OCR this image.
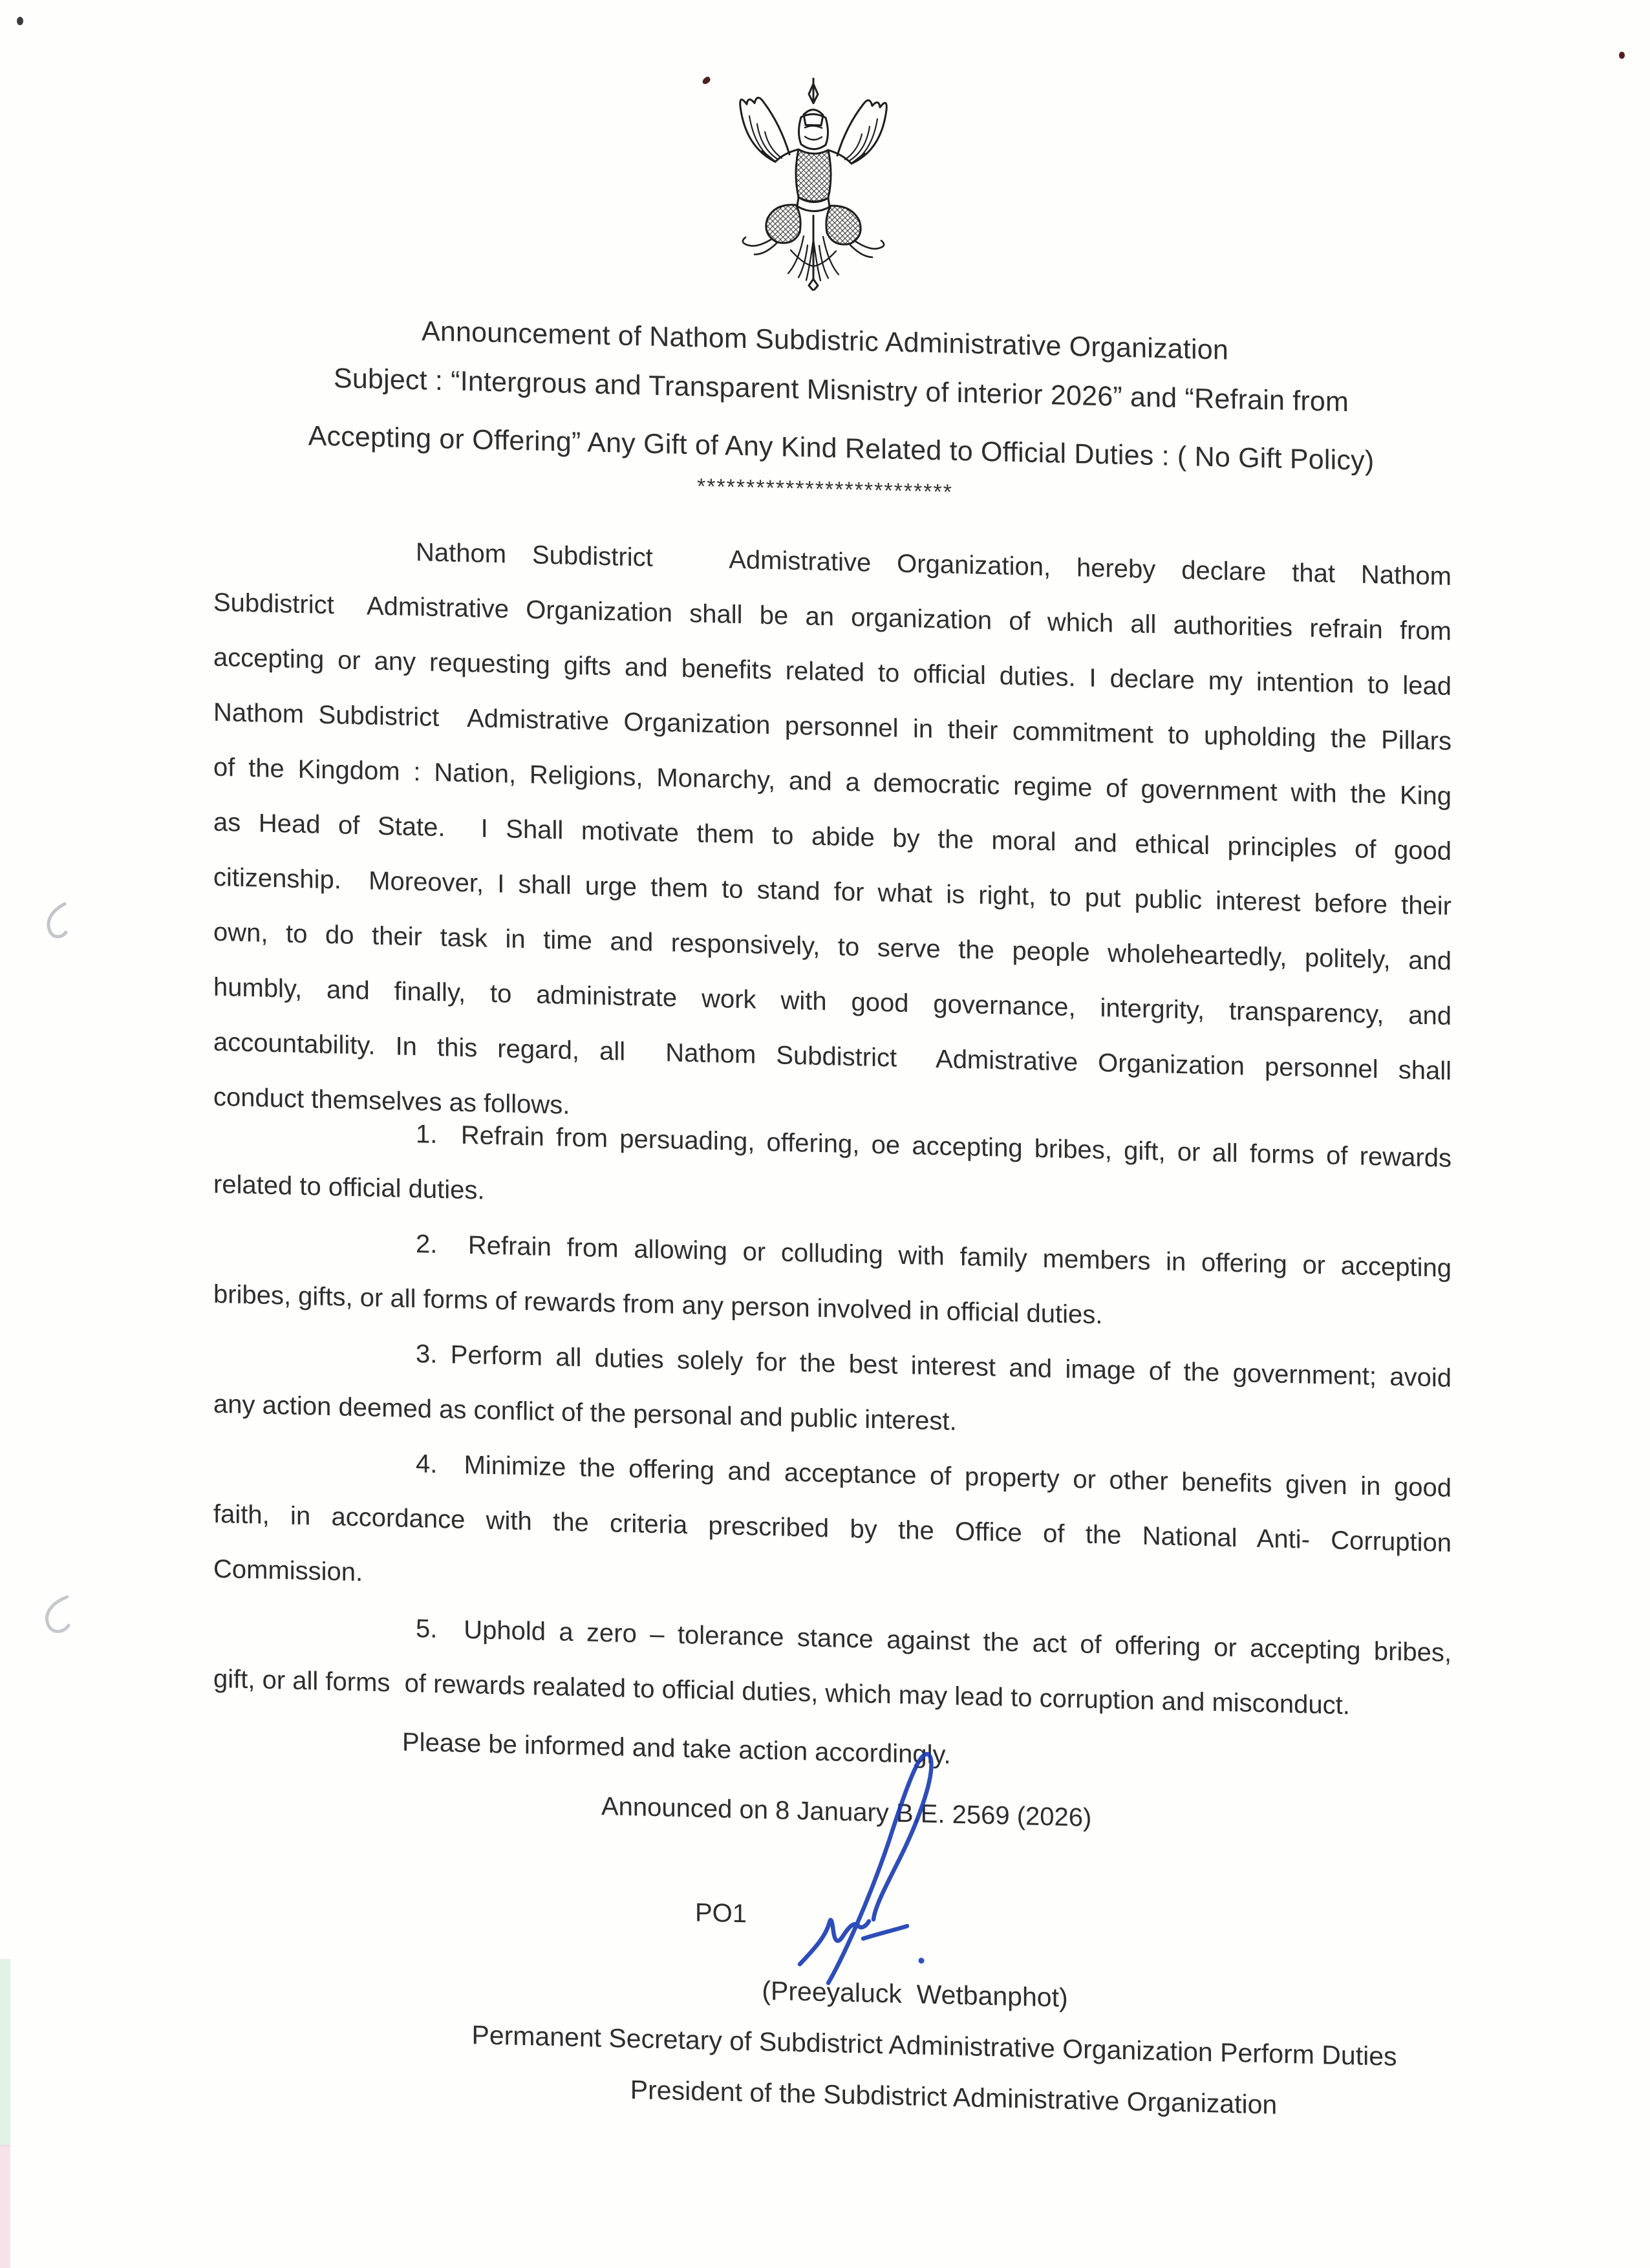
Announcement of Nathom Subdistric Administrative Organization
Subject : “Intergrous and Transparent Misnistry of interior 2026” and “Refrain from
Accepting or Offering” Any Gift of Any Kind Related to Official Duties : ( No Gift Policy)
**************************
Nathom Subdistrict   Admistrative Organization, hereby declare that Nathom
Subdistrict  Admistrative Organization shall be an organization of which all authorities refrain from
accepting or any requesting gifts and benefits related to official duties. I declare my intention to lead
Nathom Subdistrict  Admistrative Organization personnel in their commitment to upholding the Pillars
of the Kingdom : Nation, Religions, Monarchy, and a democratic regime of government with the King
as Head of State.  I Shall motivate them to abide by the moral and ethical principles of good
citizenship.  Moreover, I shall urge them to stand for what is right, to put public interest before their
own, to do their task in time and responsively, to serve the people wholeheartedly, politely, and
humbly, and finally, to administrate work with good governance, intergrity, transparency, and
accountability. In this regard, all  Nathom Subdistrict  Admistrative Organization personnel shall
conduct themselves as follows.
1.  Refrain from persuading, offering, oe accepting bribes, gift, or all forms of rewards
related to official duties.
2.  Refrain from allowing or colluding with family members in offering or accepting
bribes, gifts, or all forms of rewards from any person involved in official duties.
3. Perform all duties solely for the best interest and image of the government; avoid
any action deemed as conflict of the personal and public interest.
4.  Minimize the offering and acceptance of property or other benefits given in good
faith, in accordance with the criteria prescribed by the Office of the National Anti- Corruption
Commission.
5.  Uphold a zero – tolerance stance against the act of offering or accepting bribes,
gift, or all forms  of rewards realated to official duties, which may lead to corruption and misconduct.
Please be informed and take action accordingly.
Announced on 8 January B.E. 2569 (2026)
PO1
(Preeyaluck  Wetbanphot)
Permanent Secretary of Subdistrict Administrative Organization Perform Duties
President of the Subdistrict Administrative Organization
